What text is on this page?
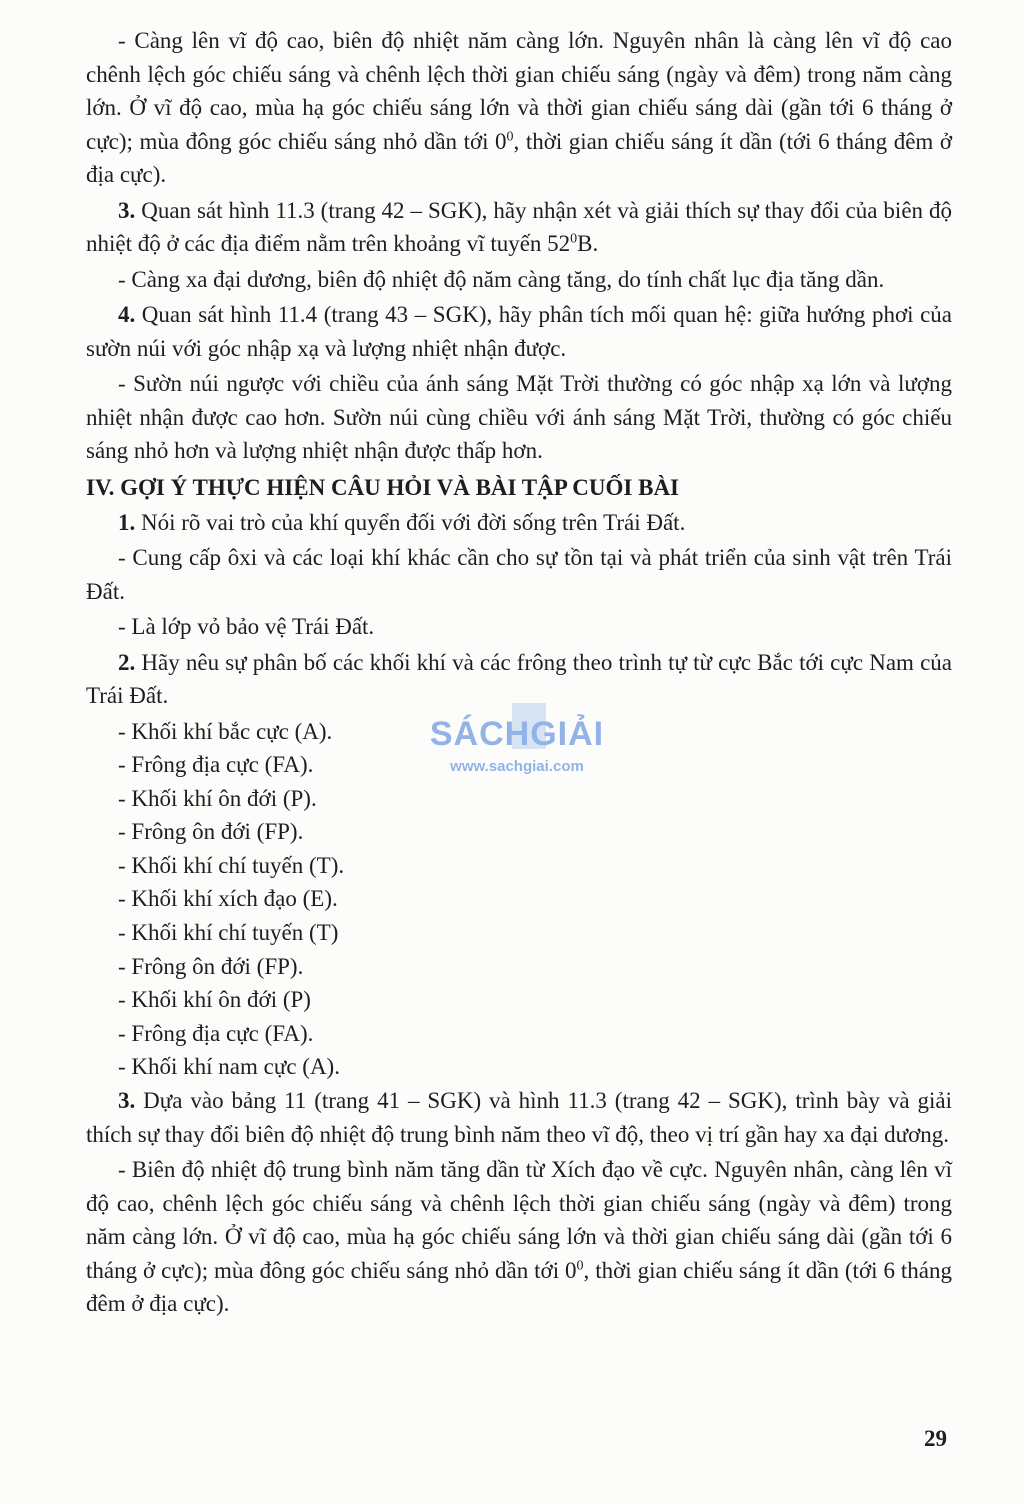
- Càng lên vĩ độ cao, biên độ nhiệt năm càng lớn. Nguyên nhân là càng lên vĩ độ cao chênh lệch góc chiếu sáng và chênh lệch thời gian chiếu sáng (ngày và đêm) trong năm càng lớn. Ở vĩ độ cao, mùa hạ góc chiếu sáng lớn và thời gian chiếu sáng dài (gần tới 6 tháng ở cực); mùa đông góc chiếu sáng nhỏ dần tới $0^0$, thời gian chiếu sáng ít dần (tới 6 tháng đêm ở địa cực).

3. Quan sát hình 11.3 (trang 42 – SGK), hãy nhận xét và giải thích sự thay đổi của biên độ nhiệt độ ở các địa điểm nằm trên khoảng vĩ tuyến $52^0B$.

- Càng xa đại dương, biên độ nhiệt độ năm càng tăng, do tính chất lục địa tăng dần.

4. Quan sát hình 11.4 (trang 43 – SGK), hãy phân tích mối quan hệ: giữa hướng phơi của sườn núi với góc nhập xạ và lượng nhiệt nhận được.

- Sườn núi ngược với chiều của ánh sáng Mặt Trời thường có góc nhập xạ lớn và lượng nhiệt nhận được cao hơn. Sườn núi cùng chiều với ánh sáng Mặt Trời, thường có góc chiếu sáng nhỏ hơn và lượng nhiệt nhận được thấp hơn.

IV. GỢI Ý THỰC HIỆN CÂU HỎI VÀ BÀI TẬP CUỐI BÀI

1. Nói rõ vai trò của khí quyển đối với đời sống trên Trái Đất.

- Cung cấp ôxi và các loại khí khác cần cho sự tồn tại và phát triển của sinh vật trên Trái Đất.

- Là lớp vỏ bảo vệ Trái Đất.

2. Hãy nêu sự phân bố các khối khí và các frông theo trình tự từ cực Bắc tới cực Nam của Trái Đất.

- Khối khí bắc cực (A).

- Frông địa cực (FA).

- Khối khí ôn đới (P).

- Frông ôn đới (FP).

- Khối khí chí tuyến (T).

- Khối khí xích đạo (E).

- Khối khí chí tuyến (T)

- Frông ôn đới (FP).

- Khối khí ôn đới (P)

- Frông địa cực (FA).

- Khối khí nam cực (A).

3. Dựa vào bảng 11 (trang 41 – SGK) và hình 11.3 (trang 42 – SGK), trình bày và giải thích sự thay đổi biên độ nhiệt độ trung bình năm theo vĩ độ, theo vị trí gần hay xa đại dương.

- Biên độ nhiệt độ trung bình năm tăng dần từ Xích đạo về cực. Nguyên nhân, càng lên vĩ độ cao, chênh lệch góc chiếu sáng và chênh lệch thời gian chiếu sáng (ngày và đêm) trong năm càng lớn. Ở vĩ độ cao, mùa hạ góc chiếu sáng lớn và thời gian chiếu sáng dài (gần tới 6 tháng ở cực); mùa đông góc chiếu sáng nhỏ dần tới $0^0$, thời gian chiếu sáng ít dần (tới 6 tháng đêm ở địa cực).

SÁCHGIẢI
www.sachgiai.com
29
